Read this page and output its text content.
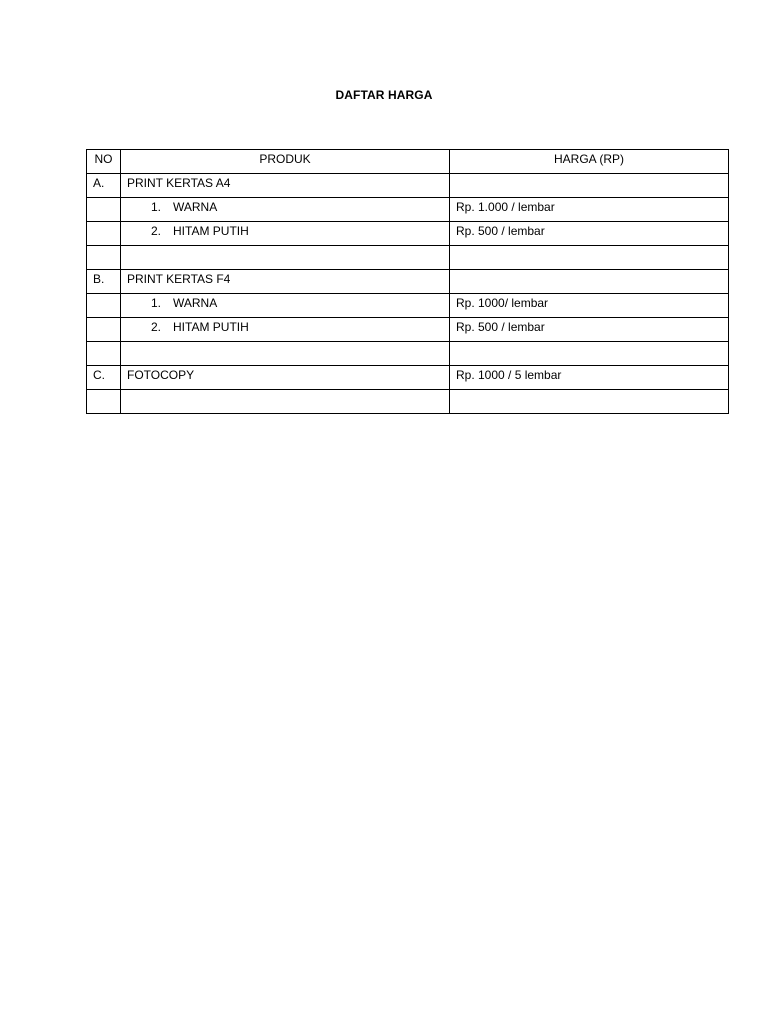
DAFTAR HARGA
NO	PRODUK	HARGA (RP)
A.	PRINT KERTAS A4	
	1. WARNA	Rp. 1.000 / lembar
	2. HITAM PUTIH	Rp. 500 / lembar

B.	PRINT KERTAS F4	
	1. WARNA	Rp. 1000/ lembar
	2. HITAM PUTIH	Rp. 500 / lembar

C.	FOTOCOPY	Rp. 1000 / 5 lembar
